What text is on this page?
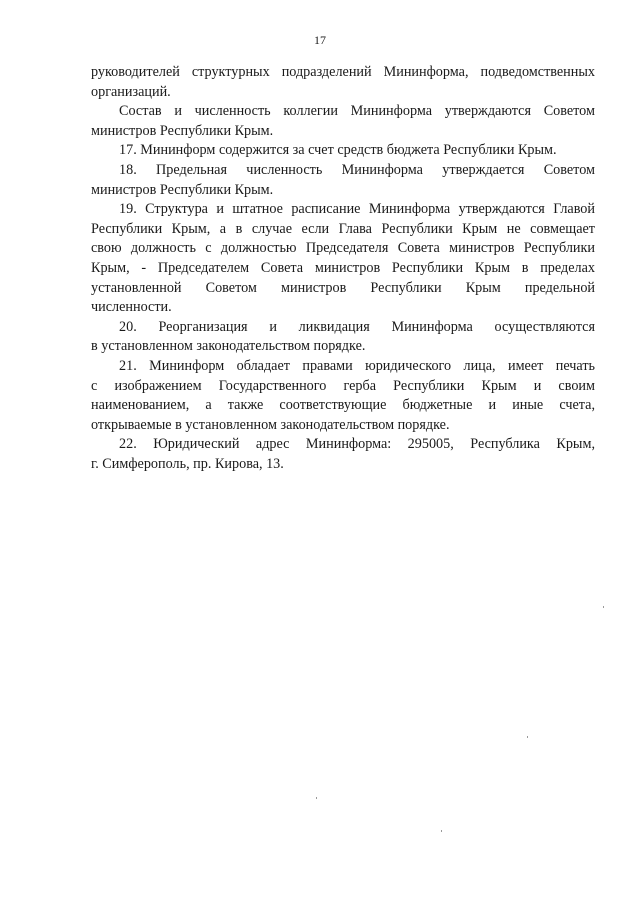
17

руководителей структурных подразделений Мининформа, подведомственных
организаций.

Состав и численность коллегии Мининформа утверждаются Советом
министров Республики Крым.

17. Мининформ содержится за счет средств бюджета Республики Крым.

18. Предельная численность Мининформа утверждается Советом
министров Республики Крым.

19. Структура и штатное расписание Мининформа утверждаются Главой
Республики Крым, а в случае если Глава Республики Крым не совмещает
свою должность с должностью Председателя Совета министров Республики
Крым, - Председателем Совета министров Республики Крым в пределах
установленной Советом министров Республики Крым предельной
численности.

20. Реорганизация и ликвидация Мининформа осуществляются
в установленном законодательством порядке.

21. Мининформ обладает правами юридического лица, имеет печать
с изображением Государственного герба Республики Крым и своим
наименованием, а также соответствующие бюджетные и иные счета,
открываемые в установленном законодательством порядке.

22. Юридический адрес Мининформа: 295005, Республика Крым,
г. Симферополь, пр. Кирова, 13.
